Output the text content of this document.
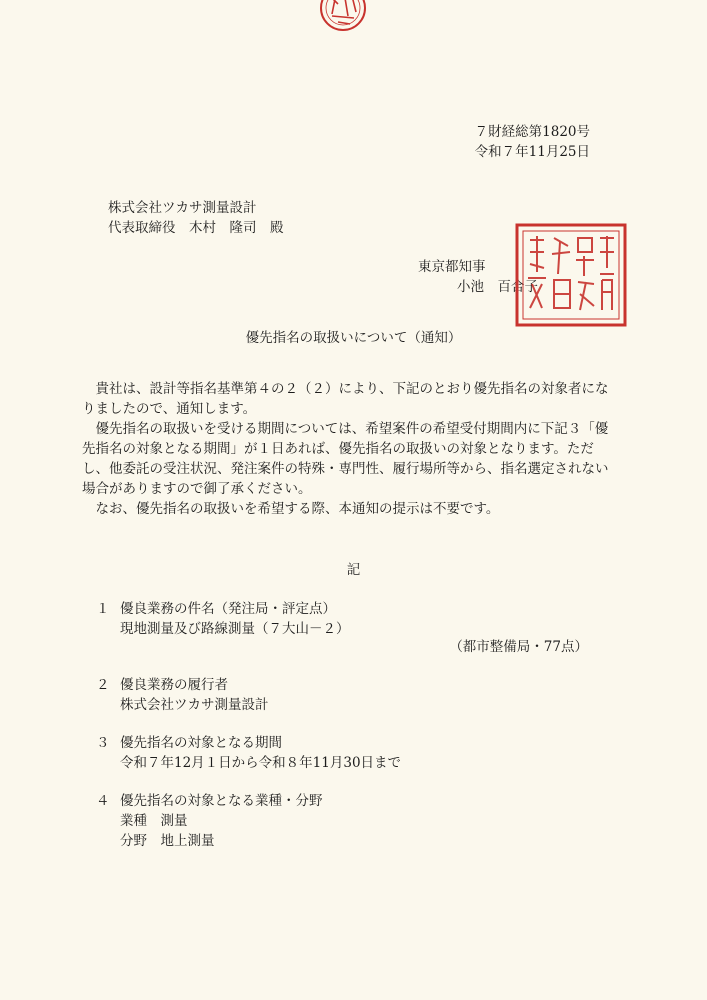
７財経総第1820号
令和７年11月25日
株式会社ツカサ測量設計
代表取締役　木村　隆司　殿
東京都知事
小池　百合子
優先指名の取扱いについて（通知）

貴社は、設計等指名基準第４の２（２）により、下記のとおり優先指名の対象者になりましたので、通知します。

優先指名の取扱いを受ける期間については、希望案件の希望受付期間内に下記３「優先指名の対象となる期間」が１日あれば、優先指名の取扱いの対象となります。ただし、他委託の受注状況、発注案件の特殊・専門性、履行場所等から、指名選定されない場合がありますので御了承ください。

なお、優先指名の取扱いを希望する際、本通知の提示は不要です。

記
１ 優良業務の件名（発注局・評定点）
現地測量及び路線測量（７大山－２）
（都市整備局・77点）
２ 優良業務の履行者
株式会社ツカサ測量設計
３ 優先指名の対象となる期間
令和７年12月１日から令和８年11月30日まで
４ 優先指名の対象となる業種・分野
業種　測量
分野　地上測量
